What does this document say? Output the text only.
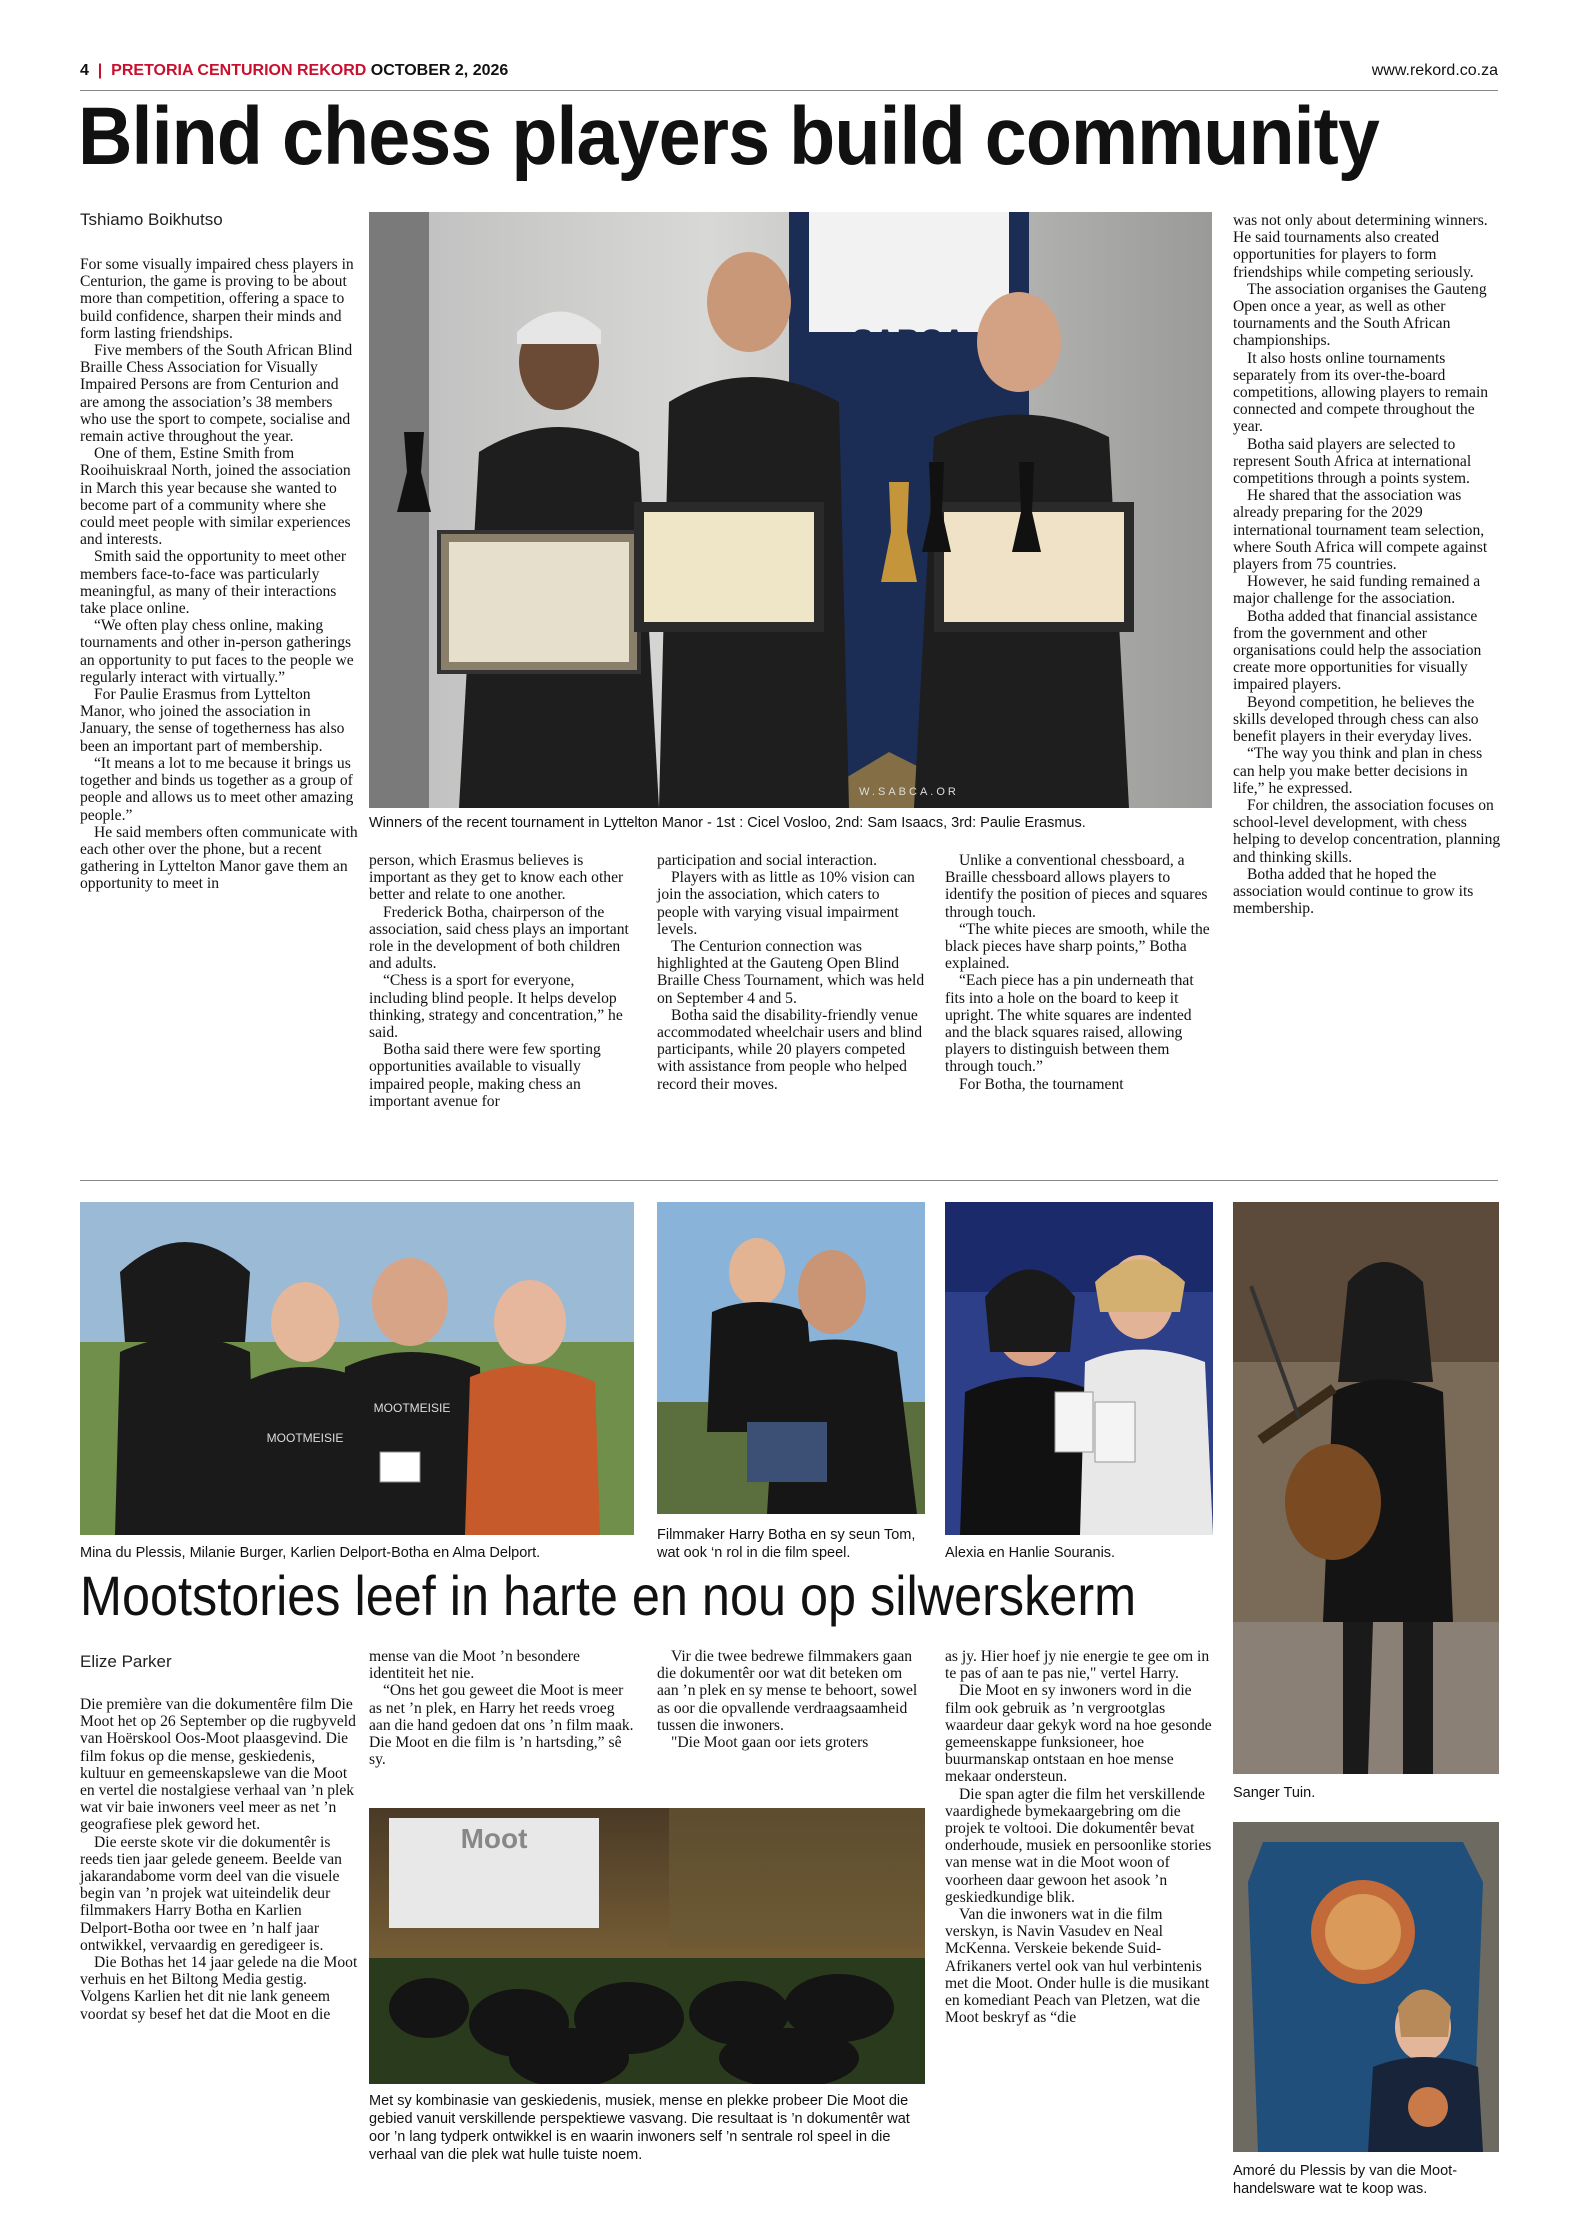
4 | PRETORIA CENTURION REKORD OCTOBER 2, 2026	www.rekord.co.za
Blind chess players build community
Tshiamo Boikhutso
SABCA
South African
Braille Chess Association
W.SABCA.OR
Winners of the recent tournament in Lyttelton Manor - 1st : Cicel Vosloo, 2nd: Sam Isaacs, 3rd: Paulie Erasmus.

For some visually impaired chess players in Centurion, the game is proving to be about more than competition, offering a space to build confidence, sharpen their minds and form lasting friendships.

Five members of the South African Blind Braille Chess Association for Visually Impaired Persons are from Centurion and are among the association’s 38 members who use the sport to compete, socialise and remain active throughout the year.

One of them, Estine Smith from Rooihuiskraal North, joined the association in March this year because she wanted to become part of a community where she could meet people with similar experiences and interests.

Smith said the opportunity to meet other members face-to-face was particularly meaningful, as many of their interactions take place online.

“We often play chess online, making tournaments and other in-person gatherings an opportunity to put faces to the people we regularly interact with virtually.”

For Paulie Erasmus from Lyttelton Manor, who joined the association in January, the sense of togetherness has also been an important part of membership.

“It means a lot to me because it brings us together and binds us together as a group of people and allows us to meet other amazing people.”

He said members often communicate with each other over the phone, but a recent gathering in Lyttelton Manor gave them an opportunity to meet in

person, which Erasmus believes is important as they get to know each other better and relate to one another.

Frederick Botha, chairperson of the association, said chess plays an important role in the development of both children and adults.

“Chess is a sport for everyone, including blind people. It helps develop thinking, strategy and concentration,” he said.

Botha said there were few sporting opportunities available to visually impaired people, making chess an important avenue for

participation and social interaction.

Players with as little as 10% vision can join the association, which caters to people with varying visual impairment levels.

The Centurion connection was highlighted at the Gauteng Open Blind Braille Chess Tournament, which was held on September 4 and 5.

Botha said the disability-friendly venue accommodated wheelchair users and blind participants, while 20 players competed with assistance from people who helped record their moves.

Unlike a conventional chessboard, a Braille chessboard allows players to identify the position of pieces and squares through touch.

“The white pieces are smooth, while the black pieces have sharp points,” Botha explained.

“Each piece has a pin underneath that fits into a hole on the board to keep it upright. The white squares are indented and the black squares raised, allowing players to distinguish between them through touch.”

For Botha, the tournament

was not only about determining winners. He said tournaments also created opportunities for players to form friendships while competing seriously.

The association organises the Gauteng Open once a year, as well as other tournaments and the South African championships.

It also hosts online tournaments separately from its over-the-board competitions, allowing players to remain connected and compete throughout the year.

Botha said players are selected to represent South Africa at international competitions through a points system.

He shared that the association was already preparing for the 2029 international tournament team selection, where South Africa will compete against players from 75 countries.

However, he said funding remained a major challenge for the association.

Botha added that financial assistance from the government and other organisations could help the association create more opportunities for visually impaired players.

Beyond competition, he believes the skills developed through chess can also benefit players in their everyday lives.

“The way you think and plan in chess can help you make better decisions in life,” he expressed.

For children, the association focuses on school-level development, with chess helping to develop concentration, planning and thinking skills.

Botha added that he hoped the association would continue to grow its membership.

MOOTMEISIE
MOOTMEISIE
Mina du Plessis, Milanie Burger, Karlien Delport-Botha en Alma Delport.
Filmmaker Harry Botha en sy seun Tom, wat ook ‘n rol in die film speel.	Alexia en Hanlie Souranis.
Sanger Tuin.
Amoré du Plessis by van die Moot-handelsware wat te koop was.
Moot
Met sy kombinasie van geskiedenis, musiek, mense en plekke probeer Die Moot die gebied vanuit verskillende perspektiewe vasvang. Die resultaat is ’n dokumentêr wat oor ’n lang tydperk ontwikkel is en waarin inwoners self ’n sentrale rol speel in die verhaal van die plek wat hulle tuiste noem.
Mootstories leef in harte en nou op silwerskerm
Elize Parker

Die première van die dokumentêre film Die Moot het op 26 September op die rugbyveld van Hoërskool Oos-Moot plaasgevind. Die film fokus op die mense, geskiedenis, kultuur en gemeenskapslewe van die Moot en vertel die nostalgiese verhaal van ’n plek wat vir baie inwoners veel meer as net ’n geografiese plek geword het.

Die eerste skote vir die dokumentêr is reeds tien jaar gelede geneem. Beelde van jakarandabome vorm deel van die visuele begin van ’n projek wat uiteindelik deur filmmakers Harry Botha en Karlien Delport-Botha oor twee en ’n half jaar ontwikkel, vervaardig en geredigeer is.

Die Bothas het 14 jaar gelede na die Moot verhuis en het Biltong Media gestig. Volgens Karlien het dit nie lank geneem voordat sy besef het dat die Moot en die

mense van die Moot ’n besondere identiteit het nie.

“Ons het gou geweet die Moot is meer as net ’n plek, en Harry het reeds vroeg aan die hand gedoen dat ons ’n film maak. Die Moot en die film is ’n hartsding,” sê sy.

Vir die twee bedrewe filmmakers gaan die dokumentêr oor wat dit beteken om aan ’n plek en sy mense te behoort, sowel as oor die opvallende verdraagsaamheid tussen die inwoners.

"Die Moot gaan oor iets groters

as jy. Hier hoef jy nie energie te gee om in te pas of aan te pas nie," vertel Harry.

Die Moot en sy inwoners word in die film ook gebruik as ’n vergrootglas waardeur daar gekyk word na hoe gesonde gemeenskappe funksioneer, hoe buurmanskap ontstaan en hoe mense mekaar ondersteun.

Die span agter die film het verskillende vaardighede bymekaargebring om die projek te voltooi. Die dokumentêr bevat onderhoude, musiek en persoonlike stories van mense wat in die Moot woon of voorheen daar gewoon het asook ’n geskiedkundige blik.

Van die inwoners wat in die film verskyn, is Navin Vasudev en Neal McKenna. Verskeie bekende Suid-Afrikaners vertel ook van hul verbintenis met die Moot. Onder hulle is die musikant en komediant Peach van Pletzen, wat die Moot beskryf as “die
